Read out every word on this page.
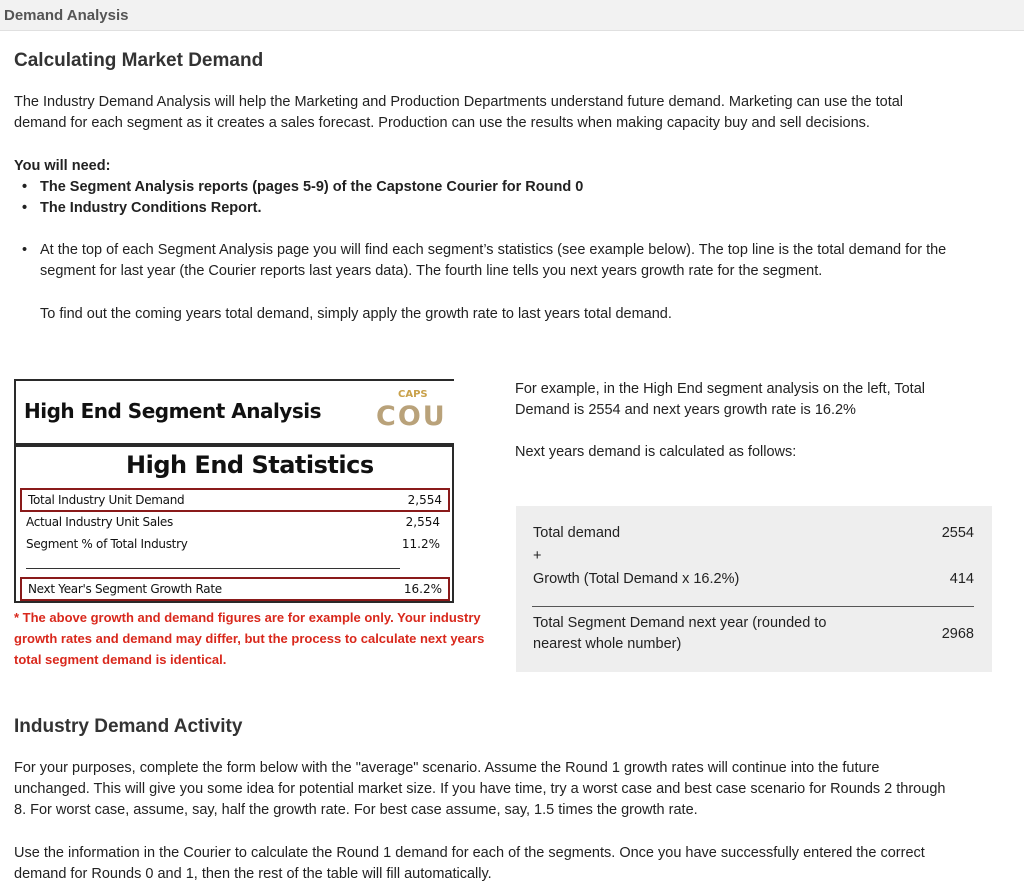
Demand Analysis
Calculating Market Demand
The Industry Demand Analysis will help the Marketing and Production Departments understand future demand. Marketing can use the total
demand for each segment as it creates a sales forecast. Production can use the results when making capacity buy and sell decisions.
You will need:
• The Segment Analysis reports (pages 5-9) of the Capstone Courier for Round 0
• The Industry Conditions Report.
• At the top of each Segment Analysis page you will find each segment’s statistics (see example below). The top line is the total demand for the
segment for last year (the Courier reports last years data). The fourth line tells you next years growth rate for the segment.
To find out the coming years total demand, simply apply the growth rate to last years total demand.
High End Segment Analysis
CAPS
COU
High End Statistics
Total Industry Unit Demand	2,554
Actual Industry Unit Sales	2,554
Segment % of Total Industry	11.2%
Next Year's Segment Growth Rate	16.2%
* The above growth and demand figures are for example only. Your industry
growth rates and demand may differ, but the process to calculate next years
total segment demand is identical.
For example, in the High End segment analysis on the left, Total
Demand is 2554 and next years growth rate is 16.2%
Next years demand is calculated as follows:
Total demand	2554
+
Growth (Total Demand x 16.2%)	414
Total Segment Demand next year (rounded to
nearest whole number)
2968
Industry Demand Activity
For your purposes, complete the form below with the "average" scenario. Assume the Round 1 growth rates will continue into the future
unchanged. This will give you some idea for potential market size. If you have time, try a worst case and best case scenario for Rounds 2 through
8. For worst case, assume, say, half the growth rate. For best case assume, say, 1.5 times the growth rate.
Use the information in the Courier to calculate the Round 1 demand for each of the segments. Once you have successfully entered the correct
demand for Rounds 0 and 1, then the rest of the table will fill automatically.
